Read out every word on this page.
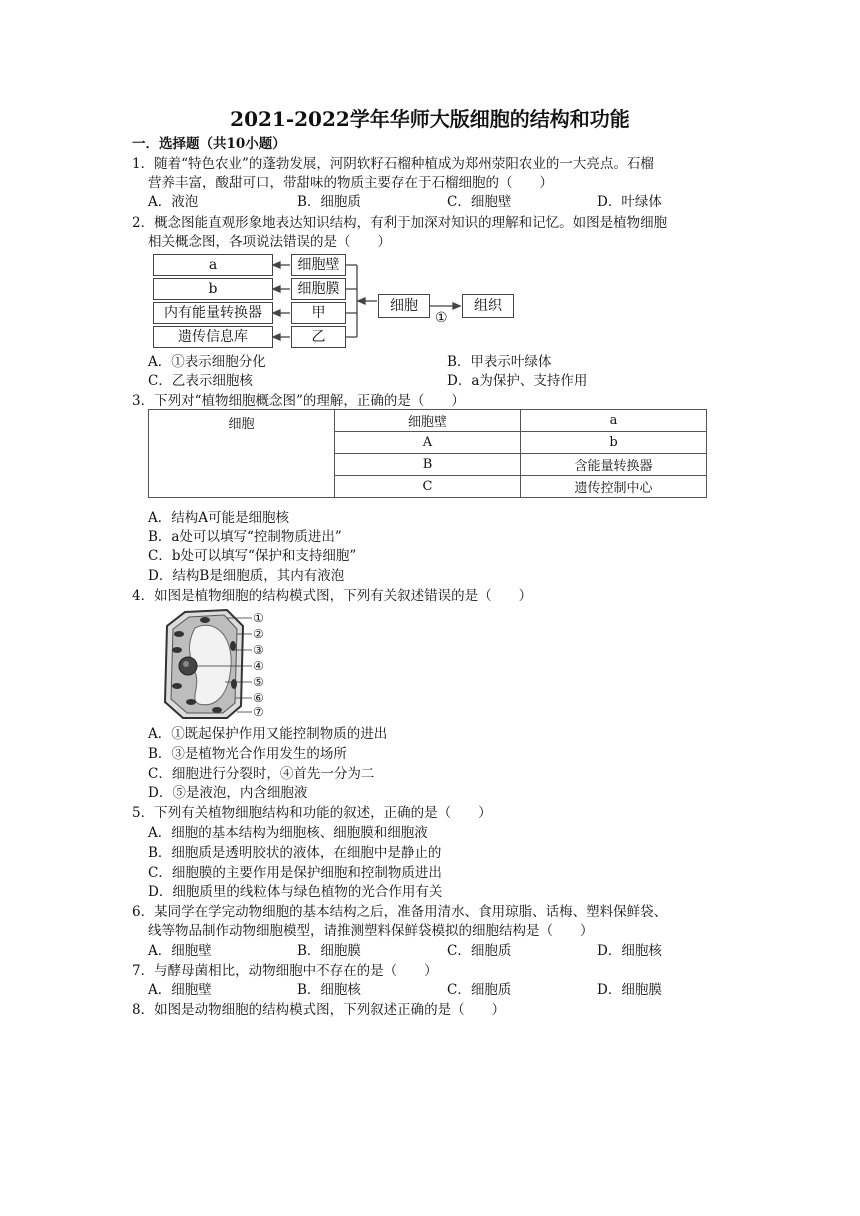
2021-2022学年华师大版细胞的结构和功能
一．选择题（共10小题）
1．随着“特色农业”的蓬勃发展，河阴软籽石榴种植成为郑州荥阳农业的一大亮点。石榴
营养丰富，酸甜可口，带甜味的物质主要存在于石榴细胞的（　　）
A．液泡	B．细胞质	C．细胞壁	D．叶绿体
2．概念图能直观形象地表达知识结构，有利于加深对知识的理解和记忆。如图是植物细胞
相关概念图，各项说法错误的是（　　）
a
b
内有能量转换器
遗传信息库
细胞壁
细胞膜
甲
乙
细胞	组织
①
A．①表示细胞分化	B．甲表示叶绿体
C．乙表示细胞核	D．a为保护、支持作用
3．下列对“植物细胞概念图”的理解，正确的是（　　）
细胞	细胞壁	a
	A	b
	B	含能量转换器
	C	遗传控制中心
A．结构A可能是细胞核
B．a处可以填写“控制物质进出”
C．b处可以填写“保护和支持细胞”
D．结构B是细胞质，其内有液泡
4．如图是植物细胞的结构模式图，下列有关叙述错误的是（　　）
①
②
③
④
⑤
⑥
⑦
A．①既起保护作用又能控制物质的进出
B．③是植物光合作用发生的场所
C．细胞进行分裂时，④首先一分为二
D．⑤是液泡，内含细胞液
5．下列有关植物细胞结构和功能的叙述，正确的是（　　）
A．细胞的基本结构为细胞核、细胞膜和细胞液
B．细胞质是透明胶状的液体，在细胞中是静止的
C．细胞膜的主要作用是保护细胞和控制物质进出
D．细胞质里的线粒体与绿色植物的光合作用有关
6．某同学在学完动物细胞的基本结构之后，准备用清水、食用琼脂、话梅、塑料保鲜袋、
线等物品制作动物细胞模型，请推测塑料保鲜袋模拟的细胞结构是（　　）
A．细胞壁	B．细胞膜	C．细胞质	D．细胞核
7．与酵母菌相比，动物细胞中不存在的是（　　）
A．细胞壁	B．细胞核	C．细胞质	D．细胞膜
8．如图是动物细胞的结构模式图，下列叙述正确的是（　　）
